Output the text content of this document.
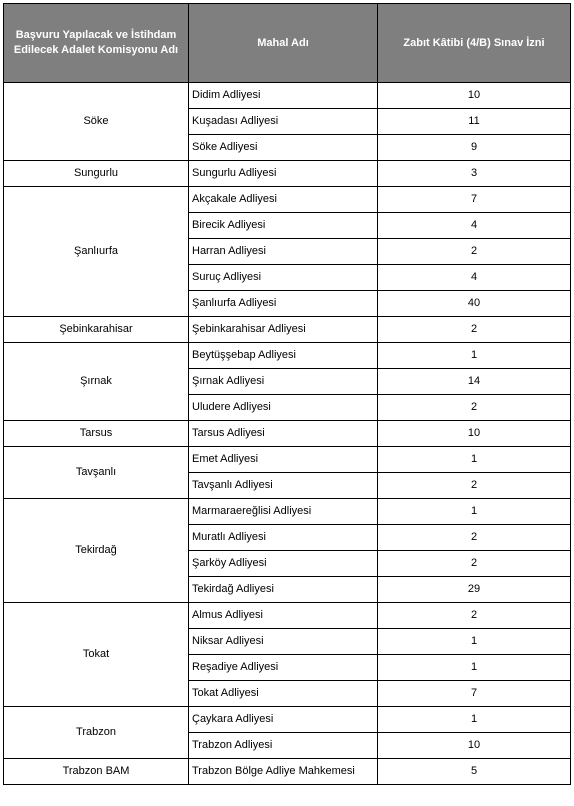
Başvuru Yapılacak ve İstihdam Edilecek Adalet Komisyonu Adı	Mahal Adı	Zabıt Kâtibi (4/B) Sınav İzni
Söke	Didim Adliyesi	10
	Kuşadası Adliyesi	11
	Söke Adliyesi	9
Sungurlu	Sungurlu Adliyesi	3
Şanlıurfa	Akçakale Adliyesi	7
	Birecik Adliyesi	4
	Harran Adliyesi	2
	Suruç Adliyesi	4
	Şanlıurfa Adliyesi	40
Şebinkarahisar	Şebinkarahisar Adliyesi	2
Şırnak	Beytüşşebap Adliyesi	1
	Şırnak Adliyesi	14
	Uludere Adliyesi	2
Tarsus	Tarsus Adliyesi	10
Tavşanlı	Emet Adliyesi	1
	Tavşanlı Adliyesi	2
Tekirdağ	Marmaraereğlisi Adliyesi	1
	Muratlı Adliyesi	2
	Şarköy Adliyesi	2
	Tekirdağ Adliyesi	29
Tokat	Almus Adliyesi	2
	Niksar Adliyesi	1
	Reşadiye Adliyesi	1
	Tokat Adliyesi	7
Trabzon	Çaykara Adliyesi	1
	Trabzon Adliyesi	10
Trabzon BAM	Trabzon Bölge Adliye Mahkemesi	5
